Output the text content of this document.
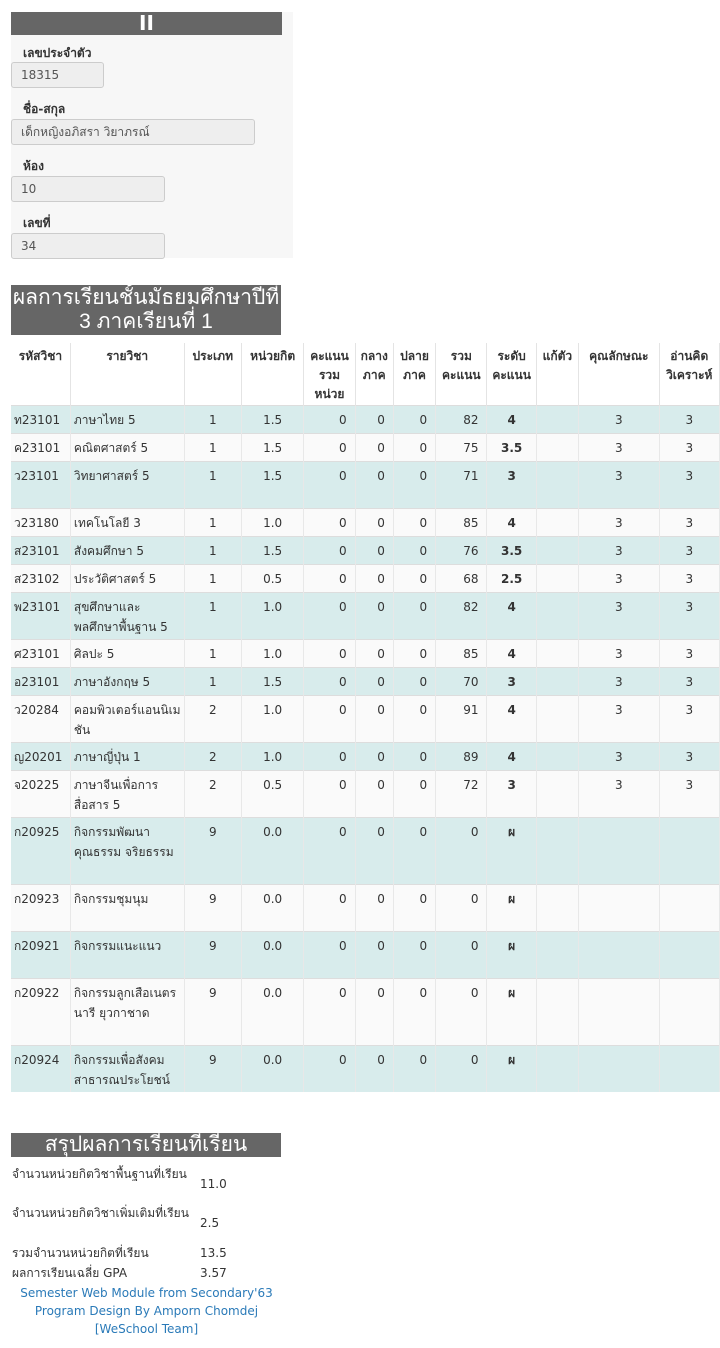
II
เลขประจำตัว
18315
ชื่อ-สกุล
เด็กหญิงอภิสรา วิยาภรณ์
ห้อง
10
เลขที่
34
ผลการเรียนชั้นมัธยมศึกษาปีที่ 3 ภาคเรียนที่ 1
รหัสวิชา	รายวิชา	ประเภท	หน่วยกิต	คะแนนรวมหน่วย	กลางภาค	ปลายภาค	รวมคะแนน	ระดับคะแนน	แก้ตัว	คุณลักษณะ	อ่านคิดวิเคราะห์
ท23101	ภาษาไทย 5	1	1.5	0	0	0	82	4		3	3
ค23101	คณิตศาสตร์ 5	1	1.5	0	0	0	75	3.5		3	3
ว23101	วิทยาศาสตร์ 5	1	1.5	0	0	0	71	3		3	3
ว23180	เทคโนโลยี 3	1	1.0	0	0	0	85	4		3	3
ส23101	สังคมศึกษา 5	1	1.5	0	0	0	76	3.5		3	3
ส23102	ประวัติศาสตร์ 5	1	0.5	0	0	0	68	2.5		3	3
พ23101	สุขศึกษาและพลศึกษาพื้นฐาน 5	1	1.0	0	0	0	82	4		3	3
ศ23101	ศิลปะ 5	1	1.0	0	0	0	85	4		3	3
อ23101	ภาษาอังกฤษ 5	1	1.5	0	0	0	70	3		3	3
ว20284	คอมพิวเตอร์แอนนิเมชัน	2	1.0	0	0	0	91	4		3	3
ญ20201	ภาษาญี่ปุ่น 1	2	1.0	0	0	0	89	4		3	3
จ20225	ภาษาจีนเพื่อการสื่อสาร 5	2	0.5	0	0	0	72	3		3	3
ก20925	กิจกรรมพัฒนาคุณธรรม จริยธรรม	9	0.0	0	0	0	0	ผ			
ก20923	กิจกรรมชุมนุม	9	0.0	0	0	0	0	ผ			
ก20921	กิจกรรมแนะแนว	9	0.0	0	0	0	0	ผ			
ก20922	กิจกรรมลูกเสือเนตรนารี ยุวกาชาด	9	0.0	0	0	0	0	ผ			
ก20924	กิจกรรมเพื่อสังคมสาธารณประโยชน์	9	0.0	0	0	0	0	ผ			
สรุปผลการเรียนที่เรียน
จำนวนหน่วยกิตวิชาพื้นฐานที่เรียน
11.0
จำนวนหน่วยกิตวิชาเพิ่มเติมที่เรียน
2.5
รวมจำนวนหน่วยกิตที่เรียน	13.5
ผลการเรียนเฉลี่ย GPA	3.57
Semester Web Module from Secondary'63
Program Design By Amporn Chomdej [WeSchool Team]
